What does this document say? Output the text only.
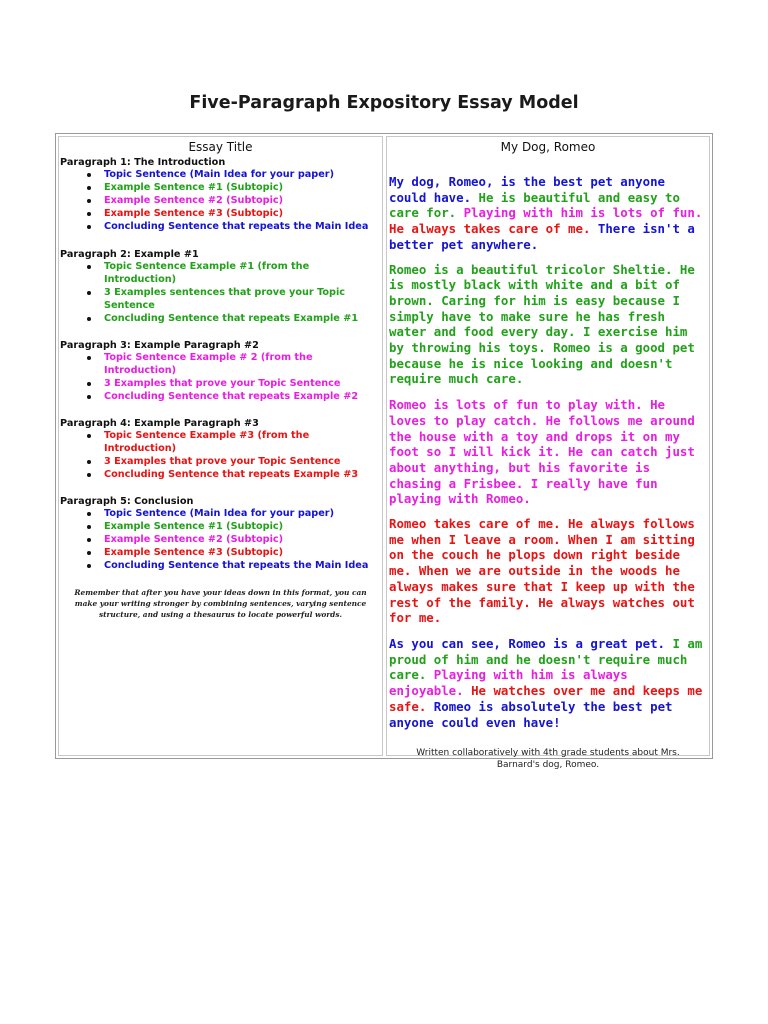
Five-Paragraph Expository Essay Model
Essay Title

Paragraph 1: The Introduction

Topic Sentence (Main Idea for your paper)
Example Sentence #1 (Subtopic)
Example Sentence #2 (Subtopic)
Example Sentence #3 (Subtopic)
Concluding Sentence that repeats the Main Idea

Paragraph 2: Example #1

Topic Sentence Example #1 (from the Introduction)
3 Examples sentences that prove your Topic Sentence
Concluding Sentence that repeats Example #1

Paragraph 3: Example Paragraph #2

Topic Sentence Example # 2 (from the Introduction)
3 Examples that prove your Topic Sentence
Concluding Sentence that repeats Example #2

Paragraph 4: Example Paragraph #3

Topic Sentence Example #3 (from the Introduction)
3 Examples that prove your Topic Sentence
Concluding Sentence that repeats Example #3

Paragraph 5: Conclusion

Topic Sentence (Main Idea for your paper)
Example Sentence #1 (Subtopic)
Example Sentence #2 (Subtopic)
Example Sentence #3 (Subtopic)
Concluding Sentence that repeats the Main Idea

Remember that after you have your ideas down in this format, you can make your writing stronger by combining sentences, varying sentence structure, and using a thesaurus to locate powerful words.

My Dog, Romeo

My dog, Romeo, is the best pet anyone could have. He is beautiful and easy to care for. Playing with him is lots of fun. He always takes care of me. There isn't a better pet anywhere.

Romeo is a beautiful tricolor Sheltie. He is mostly black with white and a bit of brown. Caring for him is easy because I simply have to make sure he has fresh water and food every day. I exercise him by throwing his toys. Romeo is a good pet because he is nice looking and doesn't require much care.

Romeo is lots of fun to play with. He loves to play catch. He follows me around the house with a toy and drops it on my foot so I will kick it. He can catch just about anything, but his favorite is chasing a Frisbee. I really have fun playing with Romeo.

Romeo takes care of me. He always follows me when I leave a room. When I am sitting on the couch he plops down right beside me. When we are outside in the woods he always makes sure that I keep up with the rest of the family. He always watches out for me.

As you can see, Romeo is a great pet. I am proud of him and he doesn't require much care. Playing with him is always enjoyable. He watches over me and keeps me safe. Romeo is absolutely the best pet anyone could even have!

Written collaboratively with 4th grade students about Mrs. Barnard's dog, Romeo.
